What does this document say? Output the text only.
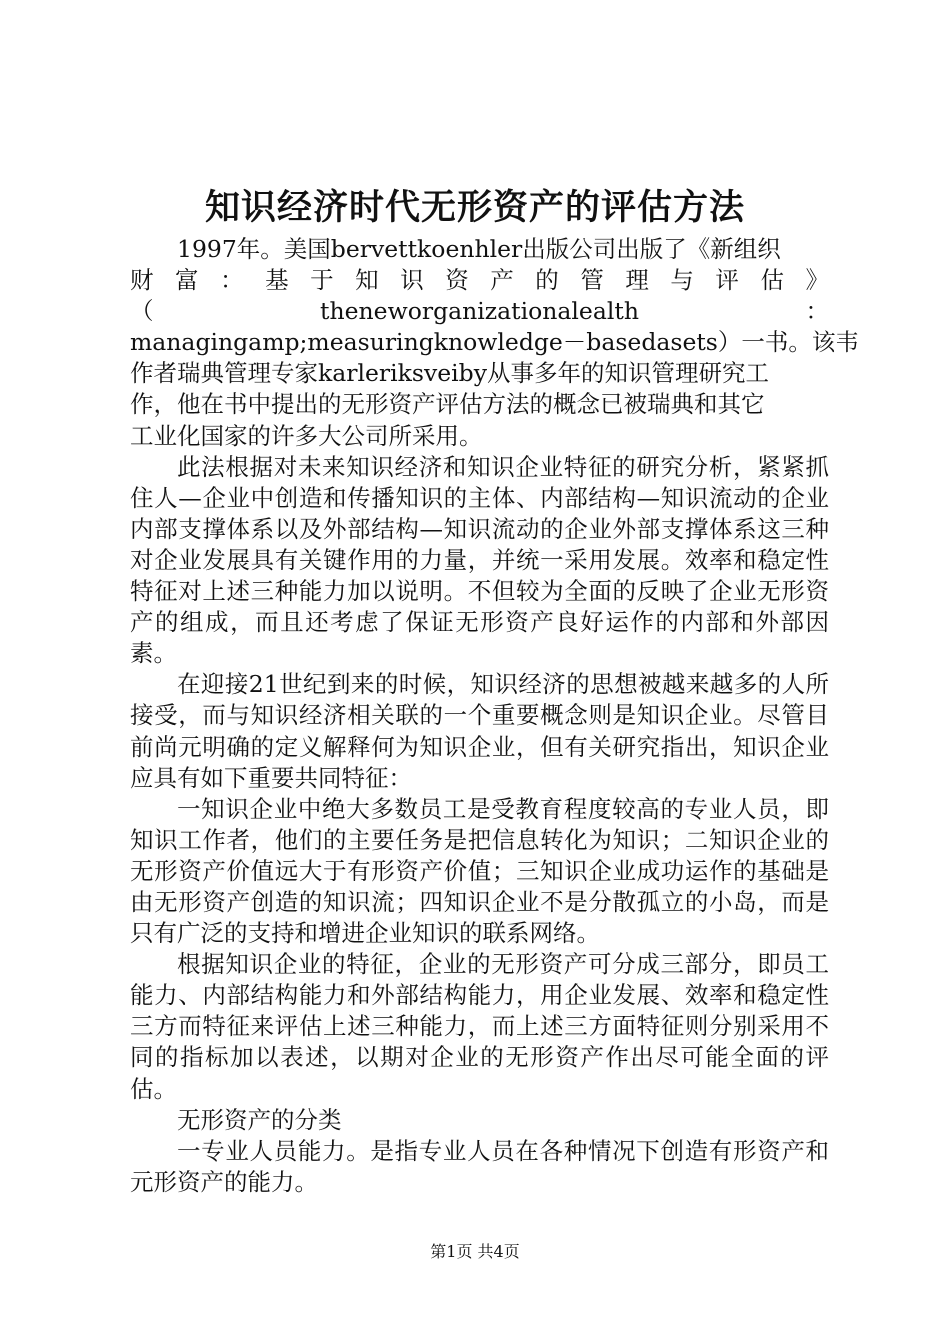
知识经济时代无形资产的评估方法
1997年。美国bervettkoenhler出版公司出版了《新组织
财 富 ： 基 于 知 识 资 产 的 管 理 与 评 估 》
（	theneworganizationalealth	：
managingamp;measuringknowledge－basedasets）一书。该韦
作者瑞典管理专家karleriksveiby从事多年的知识管理研究工
作，他在书中提出的无形资产评估方法的概念已被瑞典和其它
工业化国家的许多大公司所采用。

此法根据对未来知识经济和知识企业特征的研究分析，紧紧抓住人—企业中创造和传播知识的主体、内部结构—知识流动的企业内部支撑体系以及外部结构—知识流动的企业外部支撑体系这三种对企业发展具有关键作用的力量，并统一采用发展。效率和稳定性特征对上述三种能力加以说明。不但较为全面的反映了企业无形资产的组成，而且还考虑了保证无形资产良好运作的内部和外部因素。

在迎接21世纪到来的时候，知识经济的思想被越来越多的人所接受，而与知识经济相关联的一个重要概念则是知识企业。尽管目前尚元明确的定义解释何为知识企业，但有关研究指出，知识企业应具有如下重要共同特征：

一知识企业中绝大多数员工是受教育程度较高的专业人员，即知识工作者，他们的主要任务是把信息转化为知识；二知识企业的无形资产价值远大于有形资产价值；三知识企业成功运作的基础是由无形资产创造的知识流；四知识企业不是分散孤立的小岛，而是只有广泛的支持和增进企业知识的联系网络。

根据知识企业的特征，企业的无形资产可分成三部分，即员工能力、内部结构能力和外部结构能力，用企业发展、效率和稳定性三方而特征来评估上述三种能力，而上述三方面特征则分别采用不同的指标加以表述，以期对企业的无形资产作出尽可能全面的评估。

无形资产的分类

一专业人员能力。是指专业人员在各种情况下创造有形资产和元形资产的能力。

第1页 共4页
